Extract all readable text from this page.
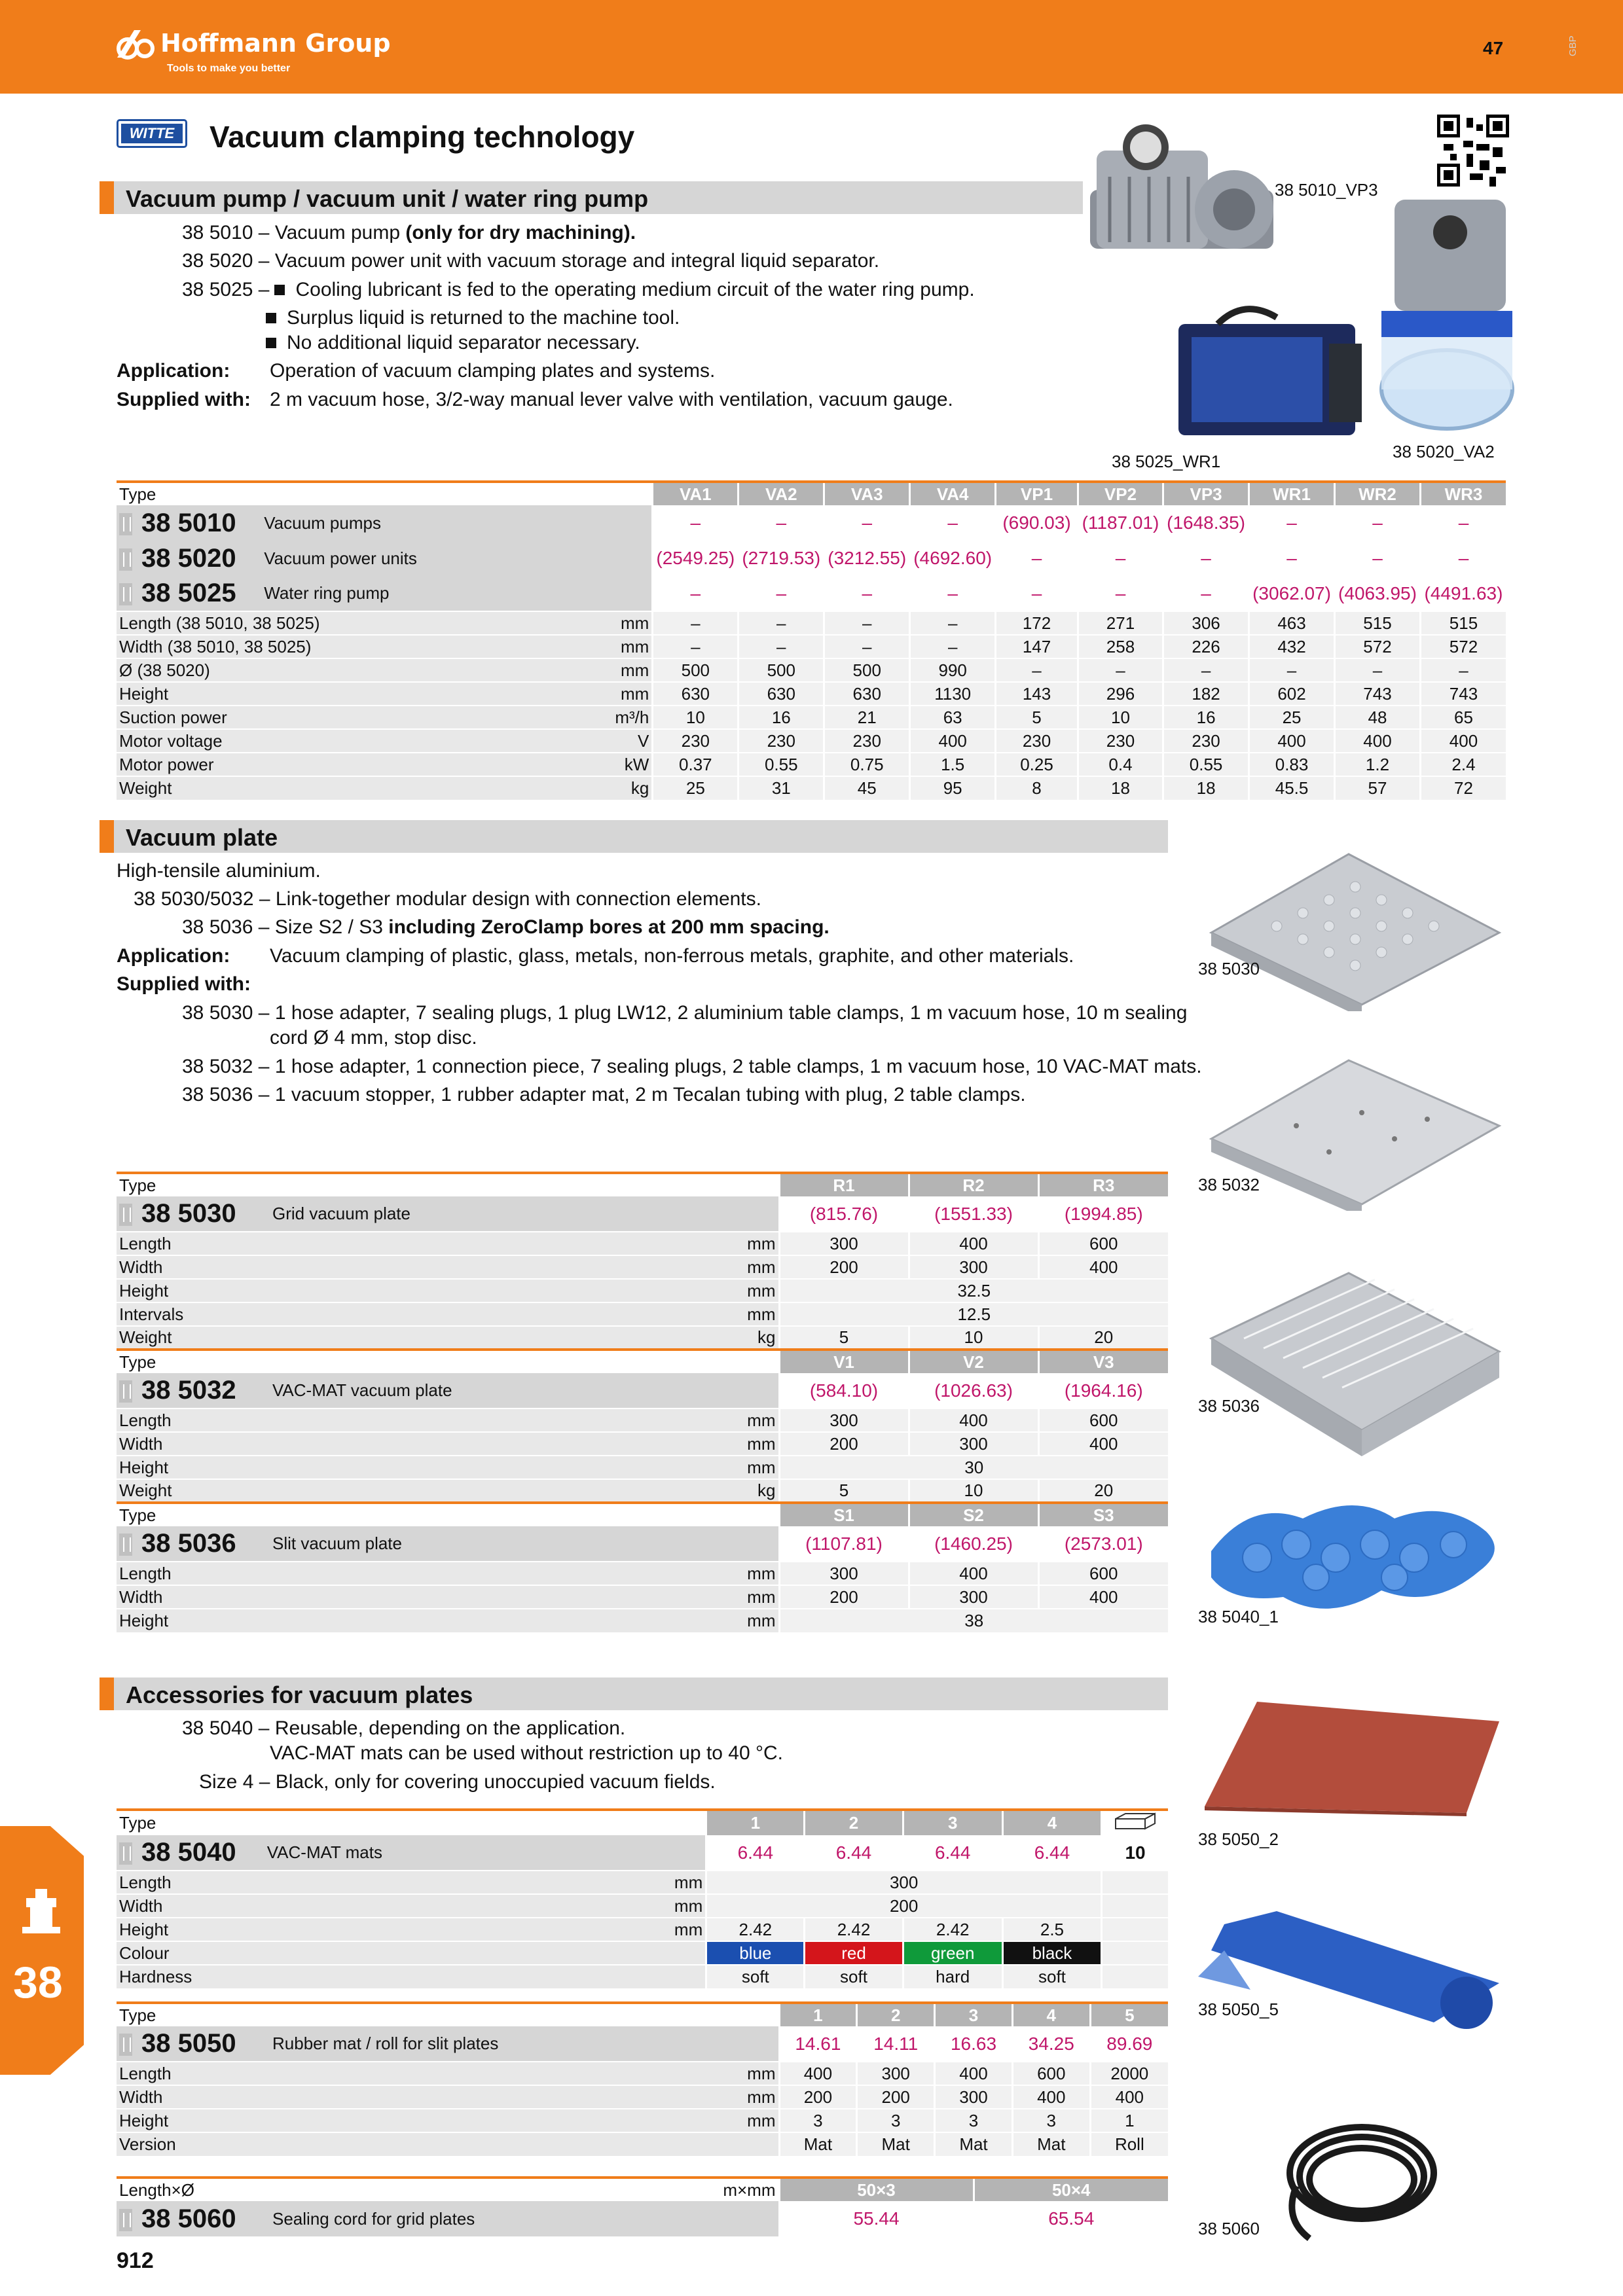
Hoffmann Group
Tools to make you better
47	GBP
WITTE Vacuum clamping technology
Vacuum pump / vacuum unit / water ring pump
38 5010 – Vacuum pump (only for dry machining).
38 5020 – Vacuum power unit with vacuum storage and integral liquid separator.
38 5025 – Cooling lubricant is fed to the operating medium circuit of the water ring pump.
Surplus liquid is returned to the machine tool.
No additional liquid separator necessary.
Application: Operation of vacuum clamping plates and systems.
Supplied with: 2 m vacuum hose, 3/2-way manual lever valve with ventilation, vacuum gauge.
38 5010_VP3
38 5025_WR1	38 5020_VA2
Type			VA1	VA2	VA3	VA4	VP1	VP2	VP3	WR1	WR2	WR3
38 5010	Vacuum pumps		–	–	–	–	(690.03)	(1187.01)	(1648.35)	–	–	–
38 5020	Vacuum power units		(2549.25)	(2719.53)	(3212.55)	(4692.60)	–	–	–	–	–	–
38 5025	Water ring pump		–	–	–	–	–	–	–	(3062.07)	(4063.95)	(4491.63)
Length (38 5010, 38 5025)		mm	–	–	–	–	172	271	306	463	515	515
Width (38 5010, 38 5025)		mm	–	–	–	–	147	258	226	432	572	572
Ø (38 5020)		mm	500	500	500	990	–	–	–	–	–	–
Height		mm	630	630	630	1130	143	296	182	602	743	743
Suction power		m³/h	10	16	21	63	5	10	16	25	48	65
Motor voltage		V	230	230	230	400	230	230	230	400	400	400
Motor power		kW	0.37	0.55	0.75	1.5	0.25	0.4	0.55	0.83	1.2	2.4
Weight		kg	25	31	45	95	8	18	18	45.5	57	72
Vacuum plate
High-tensile aluminium.
38 5030/5032 – Link-together modular design with connection elements.
38 5036 – Size S2 / S3 including ZeroClamp bores at 200 mm spacing.
Application: Vacuum clamping of plastic, glass, metals, non-ferrous metals, graphite, and other materials.
Supplied with:
38 5030 – 1 hose adapter, 7 sealing plugs, 1 plug LW12, 2 aluminium table clamps, 1 m vacuum hose, 10 m sealing
cord Ø 4 mm, stop disc.
38 5032 – 1 hose adapter, 1 connection piece, 7 sealing plugs, 2 table clamps, 1 m vacuum hose, 10 VAC-MAT mats.
38 5036 – 1 vacuum stopper, 1 rubber adapter mat, 2 m Tecalan tubing with plug, 2 table clamps.
38 5030
38 5032
38 5036
Type			R1	R2	R3
38 5030	Grid vacuum plate		(815.76)	(1551.33)	(1994.85)
Length		mm	300	400	600
Width		mm	200	300	400
Height		mm	32.5		
Intervals		mm	12.5		
Weight		kg	5	10	20
Type			V1	V2	V3
38 5032	VAC-MAT vacuum plate		(584.10)	(1026.63)	(1964.16)
Length		mm	300	400	600
Width		mm	200	300	400
Height		mm	30		
Weight		kg	5	10	20
Type			S1	S2	S3
38 5036	Slit vacuum plate		(1107.81)	(1460.25)	(2573.01)
Length		mm	300	400	600
Width		mm	200	300	400
Height		mm	38		
Accessories for vacuum plates
38 5040 – Reusable, depending on the application.
VAC-MAT mats can be used without restriction up to 40 °C.
Size 4 – Black, only for covering unoccupied vacuum fields.
38 5040_1
38 5050_2
38 5050_5
38 5060
Type			1	2	3	4	
38 5040	VAC-MAT mats		6.44	6.44	6.44	6.44	10
Length		mm	300				
Width		mm	200				
Height		mm	2.42	2.42	2.42	2.5	
Colour			blue	red	green	black	
Hardness			soft	soft	hard	soft	
Type			1	2	3	4	5
38 5050	Rubber mat / roll for slit plates		14.61	14.11	16.63	34.25	89.69
Length		mm	400	300	400	600	2000
Width		mm	200	200	300	400	400
Height		mm	3	3	3	3	1
Version			Mat	Mat	Mat	Mat	Roll
Length×Ø		m×mm	50×3	50×4
38 5060	Sealing cord for grid plates		55.44	65.54
38
912
